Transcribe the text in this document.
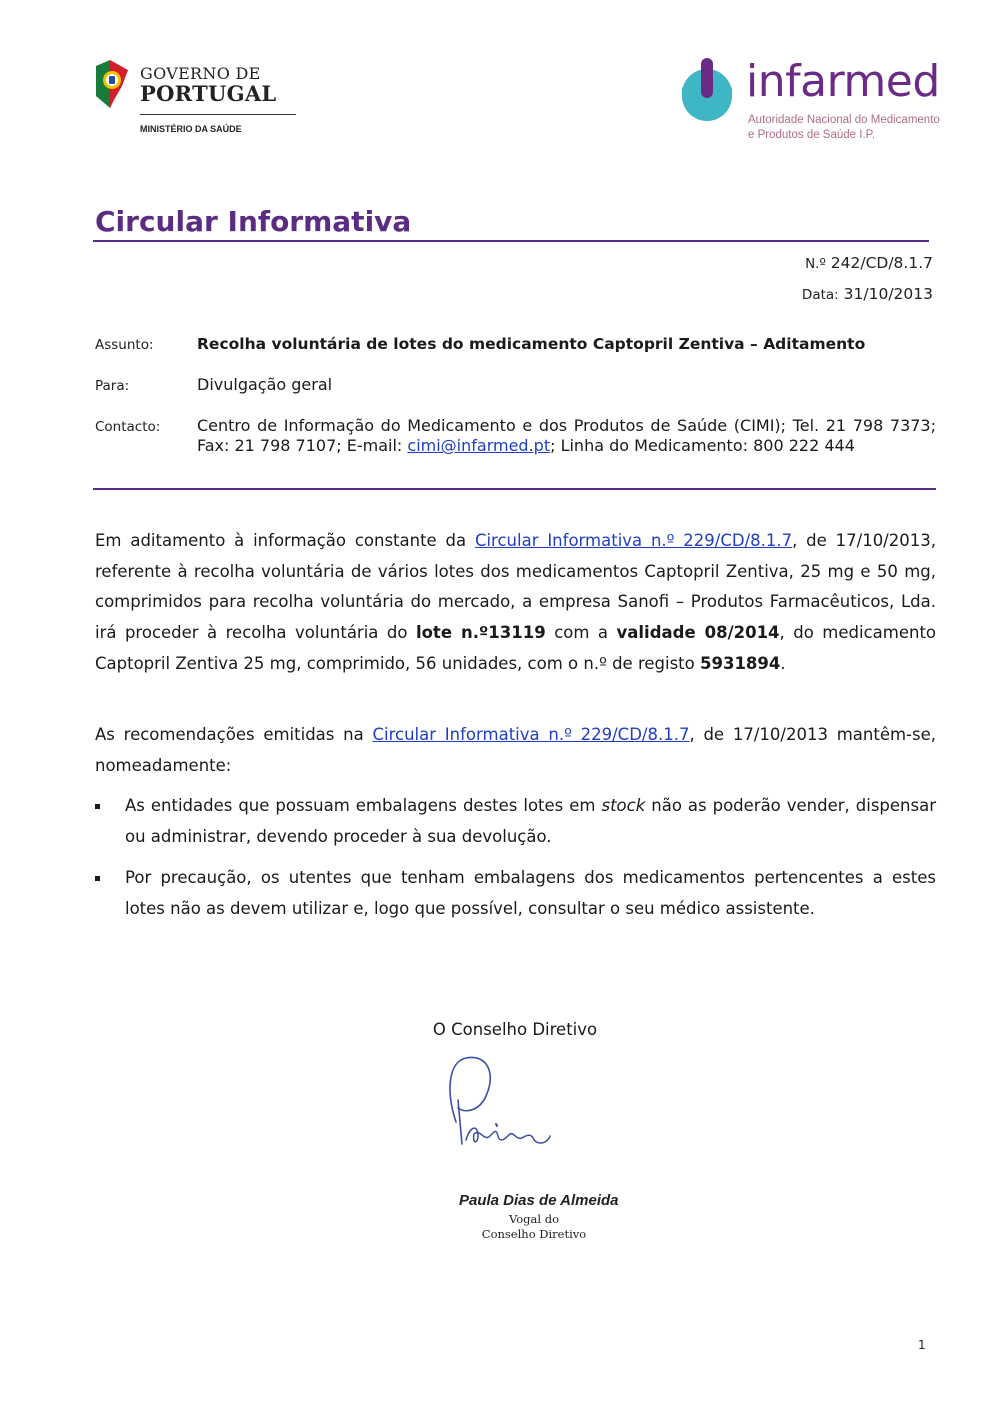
GOVERNO DE
PORTUGAL
MINISTÉRIO DA SAÚDE
infarmed
Autoridade Nacional do Medicamento
e Produtos de Saúde I.P.
Circular Informativa
N.º 242/CD/8.1.7
Data: 31/10/2013
Assunto:	Recolha voluntária de lotes do medicamento Captopril Zentiva – Aditamento
Para:	Divulgação geral
Contacto: Centro de Informação do Medicamento e dos Produtos de Saúde (CIMI); Tel. 21 798 7373; Fax: 21 798 7107; E-mail: cimi@infarmed.pt; Linha do Medicamento: 800 222 444
Em aditamento à informação constante da Circular Informativa n.º 229/CD/8.1.7, de 17/10/2013, referente à recolha voluntária de vários lotes dos medicamentos Captopril Zentiva, 25 mg e 50 mg, comprimidos para recolha voluntária do mercado, a empresa Sanofi – Produtos Farmacêuticos, Lda. irá proceder à recolha voluntária do lote n.º13119 com a validade 08/2014, do medicamento Captopril Zentiva 25 mg, comprimido, 56 unidades, com o n.º de registo 5931894.
As recomendações emitidas na Circular Informativa n.º 229/CD/8.1.7, de 17/10/2013 mantêm-se, nomeadamente:
As entidades que possuam embalagens destes lotes em stock não as poderão vender, dispensar ou administrar, devendo proceder à sua devolução.
Por precaução, os utentes que tenham embalagens dos medicamentos pertencentes a estes lotes não as devem utilizar e, logo que possível, consultar o seu médico assistente.
O Conselho Diretivo
Paula Dias de Almeida
Vogal do
Conselho Diretivo
1
